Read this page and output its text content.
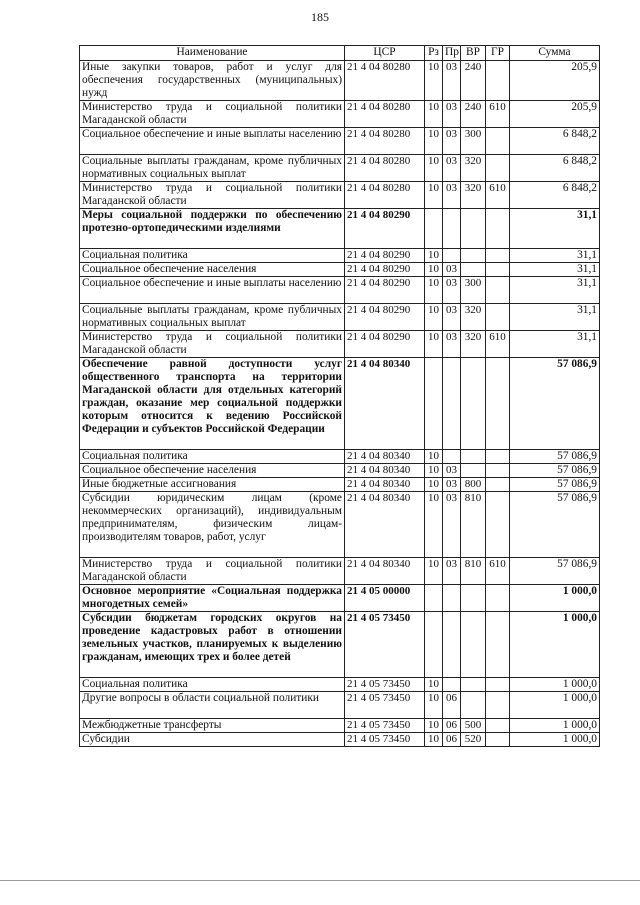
185
Наименование	ЦСР	Рз	Пр	ВР	ГР	Сумма
Иные закупки товаров, работ и услуг для обеспечения государственных (муниципальных) нужд	21 4 04 80280	10	03	240		205,9
Министерство труда и социальной политики Магаданской области	21 4 04 80280	10	03	240	610	205,9
Социальное обеспечение и иные выплаты населению	21 4 04 80280	10	03	300		6 848,2
Социальные выплаты гражданам, кроме публичных нормативных социальных выплат	21 4 04 80280	10	03	320		6 848,2
Министерство труда и социальной политики Магаданской области	21 4 04 80280	10	03	320	610	6 848,2
Меры социальной поддержки по обеспечению протезно-ортопедическими изделиями	21 4 04 80290					31,1
Социальная политика	21 4 04 80290	10				31,1
Социальное обеспечение населения	21 4 04 80290	10	03			31,1
Социальное обеспечение и иные выплаты населению	21 4 04 80290	10	03	300		31,1
Социальные выплаты гражданам, кроме публичных нормативных социальных выплат	21 4 04 80290	10	03	320		31,1
Министерство труда и социальной политики Магаданской области	21 4 04 80290	10	03	320	610	31,1
Обеспечение равной доступности услуг общественного транспорта на территории Магаданской области для отдельных категорий граждан, оказание мер социальной поддержки которым относится к ведению Российской Федерации и субъектов Российской Федерации	21 4 04 80340					57 086,9
Социальная политика	21 4 04 80340	10				57 086,9
Социальное обеспечение населения	21 4 04 80340	10	03			57 086,9
Иные бюджетные ассигнования	21 4 04 80340	10	03	800		57 086,9
Субсидии юридическим лицам (кроме некоммерческих организаций), индивидуальным предпринимателям, физическим лицам-производителям товаров, работ, услуг	21 4 04 80340	10	03	810		57 086,9
Министерство труда и социальной политики Магаданской области	21 4 04 80340	10	03	810	610	57 086,9
Основное мероприятие «Социальная поддержка многодетных семей»	21 4 05 00000					1 000,0
Субсидии бюджетам городских округов на проведение кадастровых работ в отношении земельных участков, планируемых к выделению гражданам, имеющих трех и более детей	21 4 05 73450					1 000,0
Социальная политика	21 4 05 73450	10				1 000,0
Другие вопросы в области социальной политики	21 4 05 73450	10	06			1 000,0
Межбюджетные трансферты	21 4 05 73450	10	06	500		1 000,0
Субсидии	21 4 05 73450	10	06	520		1 000,0
